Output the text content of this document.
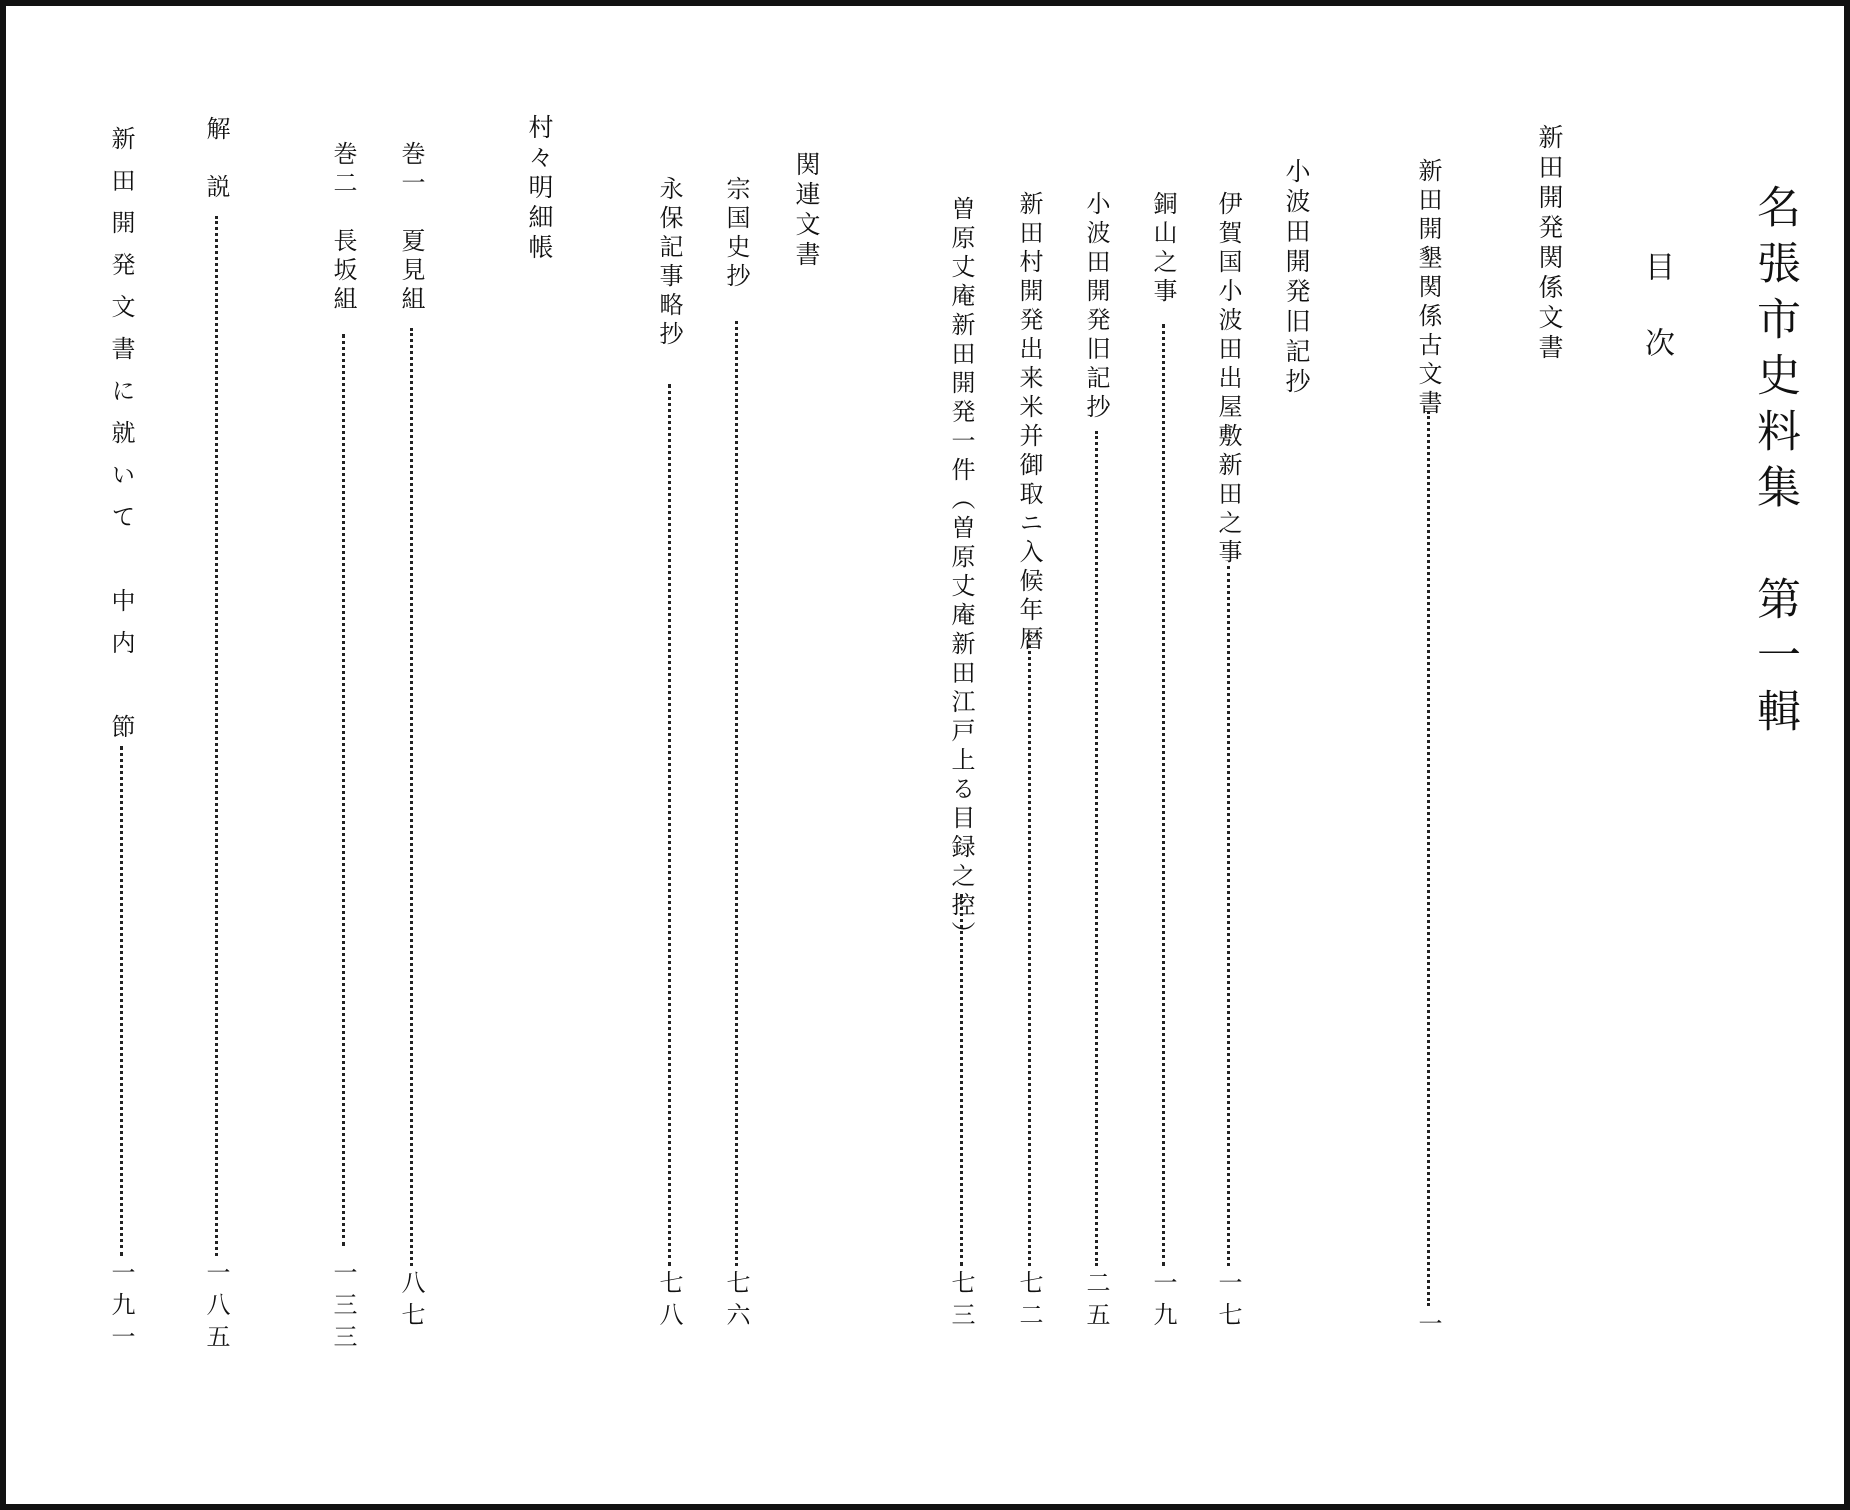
名張市史料集　第一輯
目　次
新田開発関係文書
新田開墾関係古文書
一
小波田開発旧記抄
伊賀国小波田出屋敷新田之事
一七
銅山之事
一九
小波田開発旧記抄
二五
新田村開発出来米并御取ニ入候年暦
七二
曽原丈庵新田開発一件（曽原丈庵新田江戸上る目録之控）
七三
関連文書
宗国史抄
七六
永保記事略抄
七八
村々明細帳
巻一　夏見組
八七
巻二　長坂組
一三三
解　説
一八五
新田開発文書に就いて　中内　節
一九一
